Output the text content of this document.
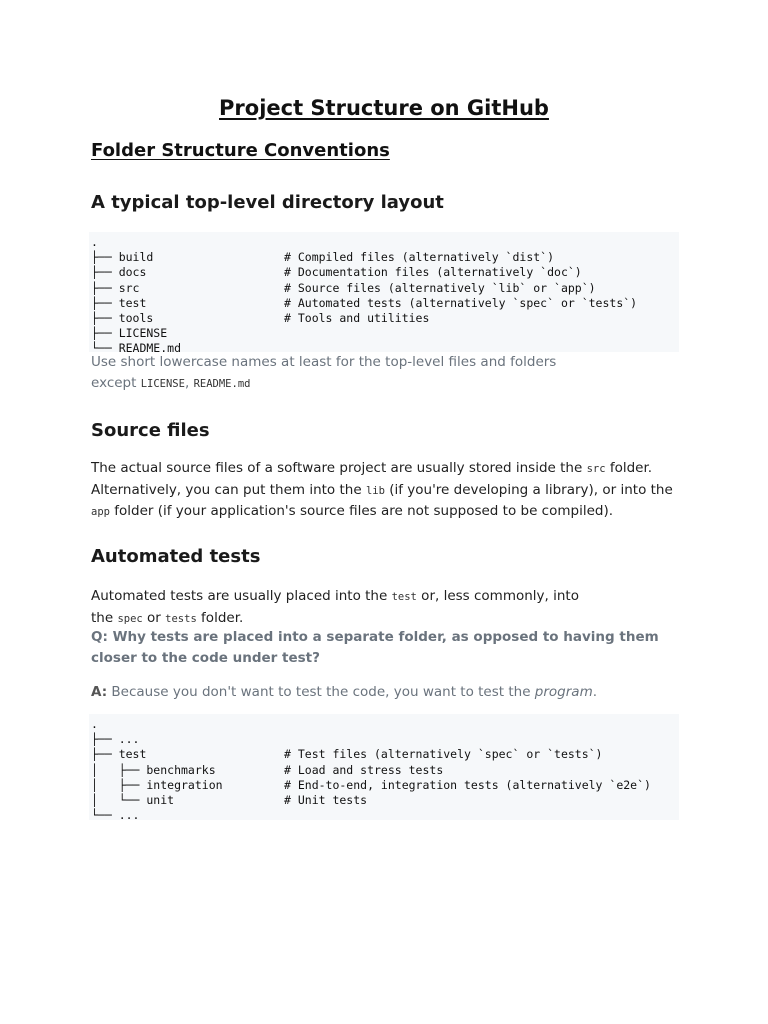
Project Structure on GitHub
Folder Structure Conventions
A typical top-level directory layout
.
├── build	# Compiled files (alternatively `dist`)
├── docs	# Documentation files (alternatively `doc`)
├── src	# Source files (alternatively `lib` or `app`)
├── test	# Automated tests (alternatively `spec` or `tests`)
├── tools	# Tools and utilities
├── LICENSE
└── README.md
Use short lowercase names at least for the top-level files and folders
except LICENSE, README.md
Source files

The actual source files of a software project are usually stored inside the src folder. Alternatively, you can put them into the lib (if you're developing a library), or into the app folder (if your application's source files are not supposed to be compiled).

Automated tests

Automated tests are usually placed into the test or, less commonly, into the spec or tests folder.

Q: Why tests are placed into a separate folder, as opposed to having them closer to the code under test?

A: Because you don't want to test the code, you want to test the program.

.
├── ...
├── test	# Test files (alternatively `spec` or `tests`)
│   ├── benchmarks	# Load and stress tests
│   ├── integration	# End-to-end, integration tests (alternatively `e2e`)
│   └── unit	# Unit tests
└── ...
